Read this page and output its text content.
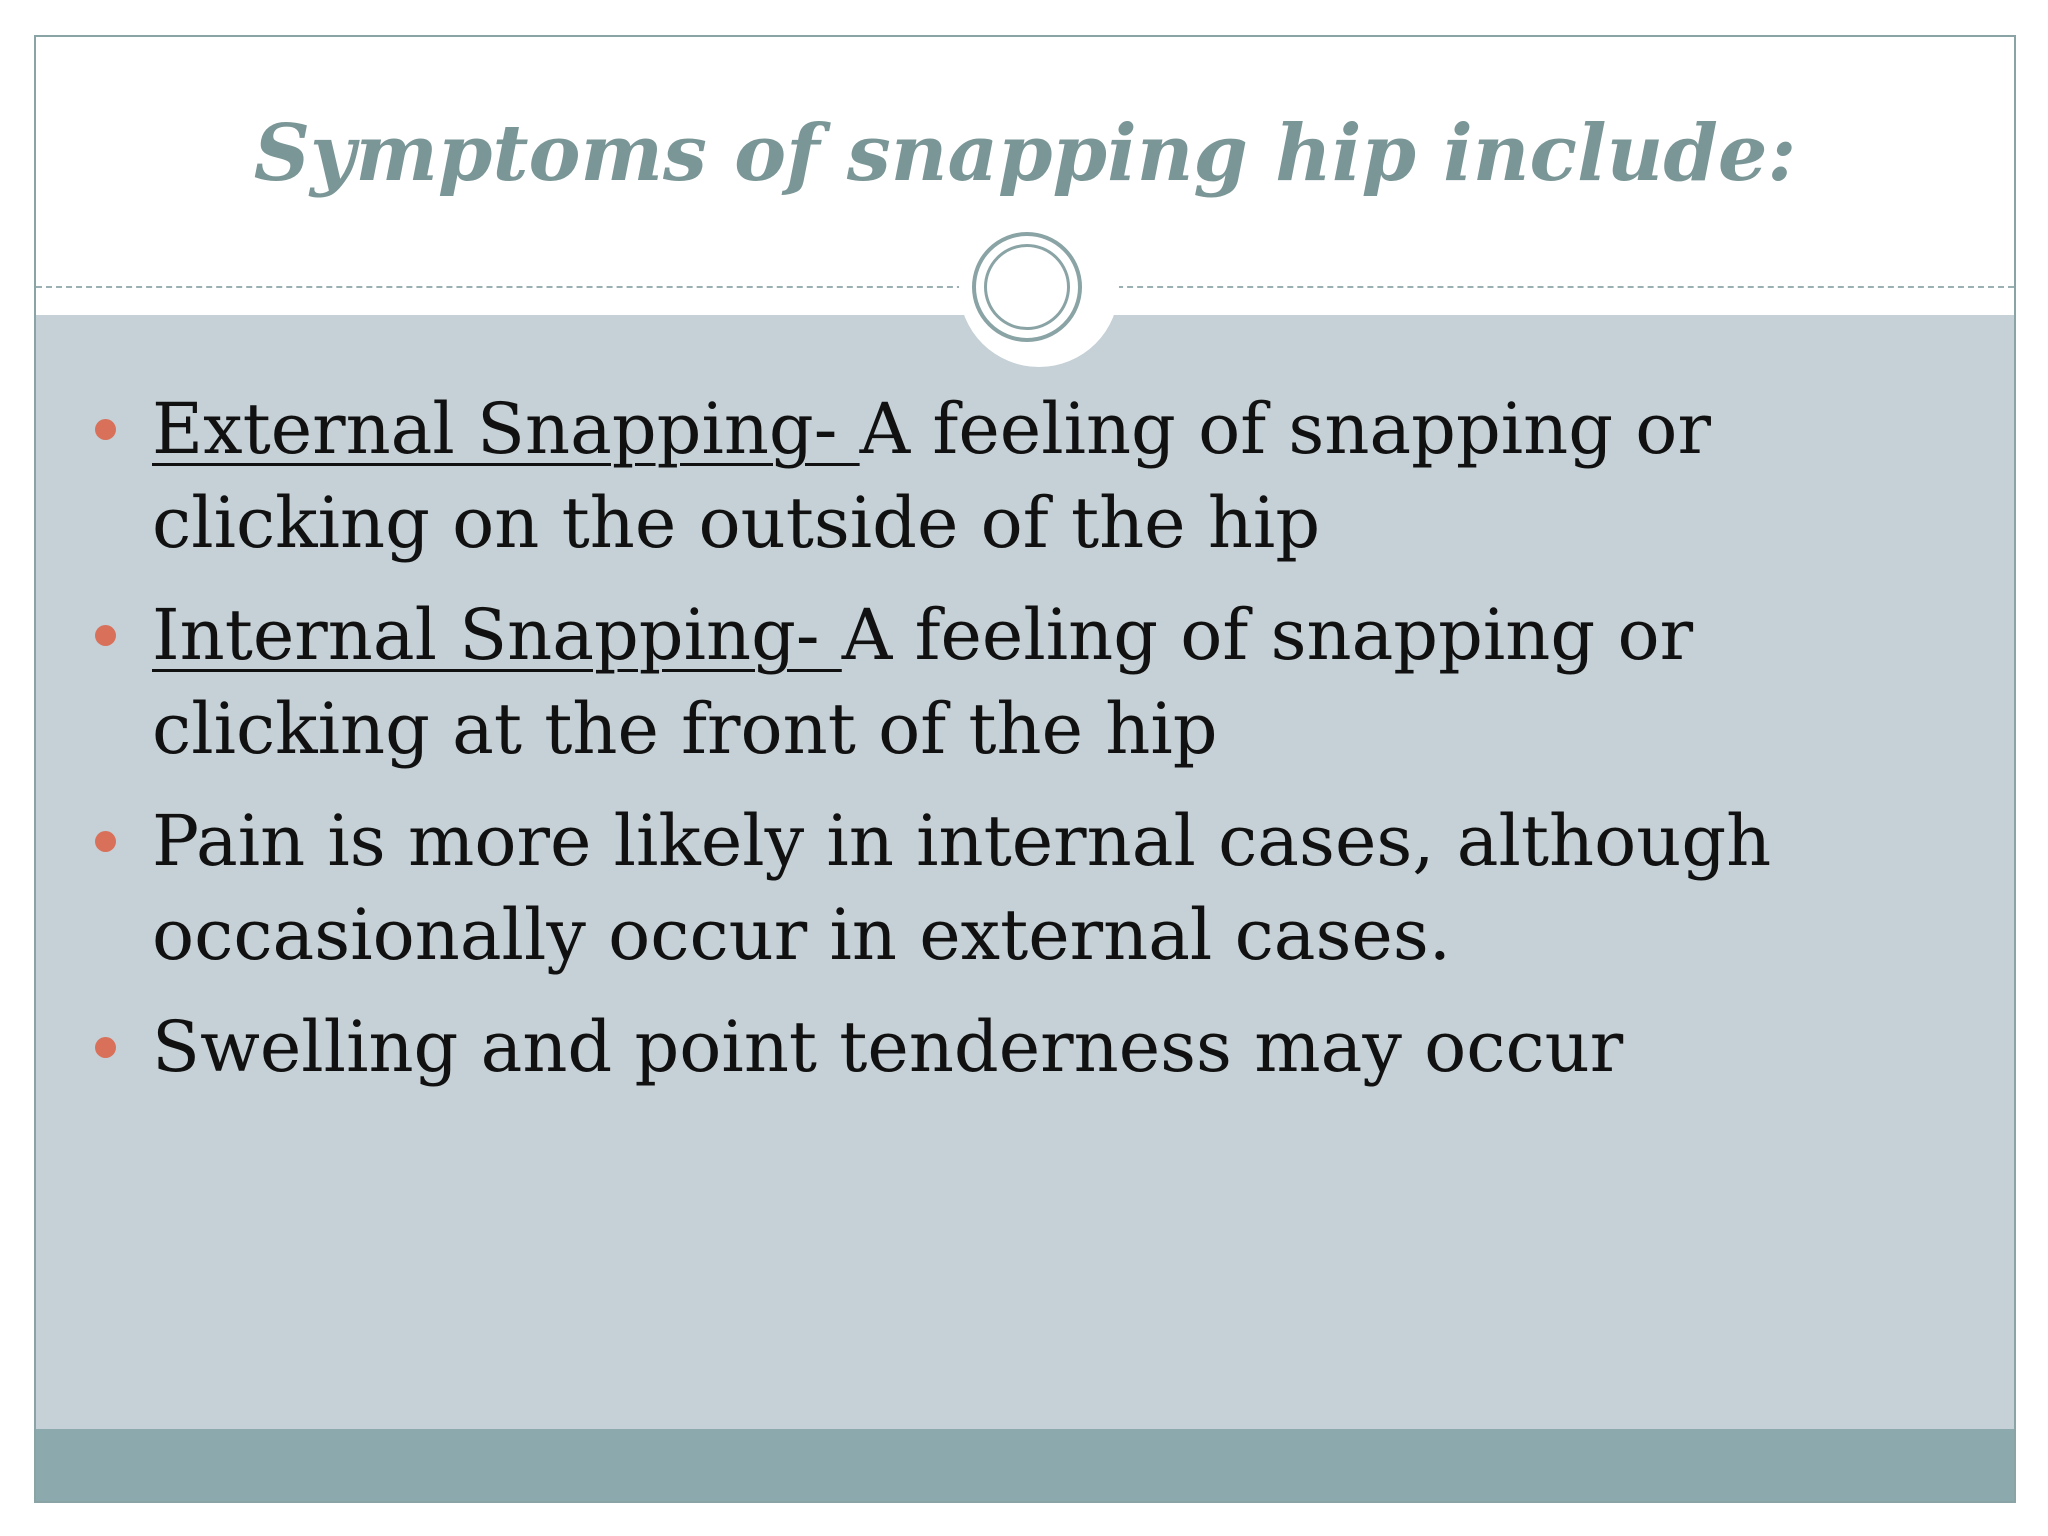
Symptoms of snapping hip include:
External Snapping- A feeling of snapping or clicking on the outside of the hip
Internal Snapping- A feeling of snapping or clicking at the front of the hip
Pain is more likely in internal cases, although occasionally occur in external cases.
Swelling and point tenderness may occur
